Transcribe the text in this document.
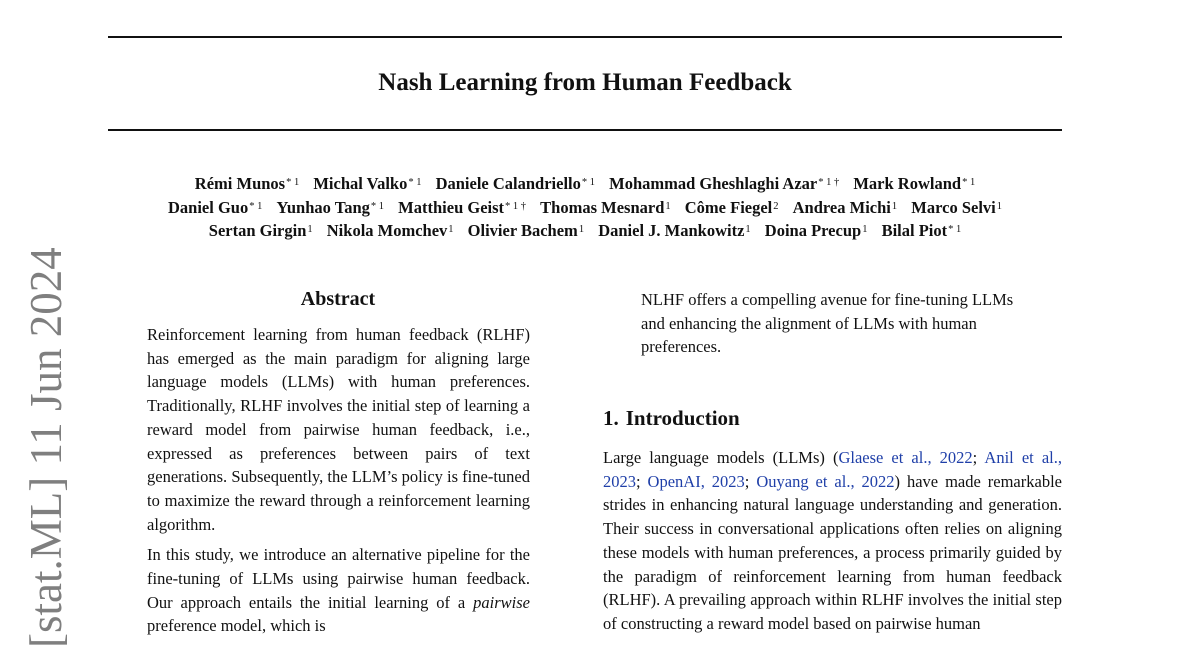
Nash Learning from Human Feedback
Rémi Munos$^{* 1}$ Michal Valko$^{* 1}$ Daniele Calandriello$^{* 1}$ Mohammad Gheshlaghi Azar$^{* 1 \dagger}$ Mark Rowland$^{* 1}$
Daniel Guo$^{* 1}$ Yunhao Tang$^{* 1}$ Matthieu Geist$^{* 1 \dagger}$ Thomas Mesnard$^1$ Côme Fiegel$^2$ Andrea Michi$^1$ Marco Selvi$^1$
Sertan Girgin$^1$ Nikola Momchev$^1$ Olivier Bachem$^1$ Daniel J. Mankowitz$^1$ Doina Precup$^1$ Bilal Piot$^{* 1}$
[stat.ML] 11 Jun 2024	Abstract

Reinforcement learning from human feedback (RLHF) has emerged as the main paradigm for aligning large language models (LLMs) with human preferences. Traditionally, RLHF involves the initial step of learning a reward model from pairwise human feedback, i.e., expressed as preferences between pairs of text generations. Subsequently, the LLM’s policy is fine-tuned to maximize the reward through a reinforcement learning algorithm.

In this study, we introduce an alternative pipeline for the fine-tuning of LLMs using pairwise human feedback. Our approach entails the initial learning of a pairwise preference model, which is

NLHF offers a compelling avenue for fine-tuning LLMs and enhancing the alignment of LLMs with human preferences.

1. Introduction

Large language models (LLMs) (Glaese et al., 2022; Anil et al., 2023; OpenAI, 2023; Ouyang et al., 2022) have made remarkable strides in enhancing natural language understanding and generation. Their success in conversational applications often relies on aligning these models with human preferences, a process primarily guided by the paradigm of reinforcement learning from human feedback (RLHF). A prevailing approach within RLHF involves the initial step of constructing a reward model based on pairwise human
